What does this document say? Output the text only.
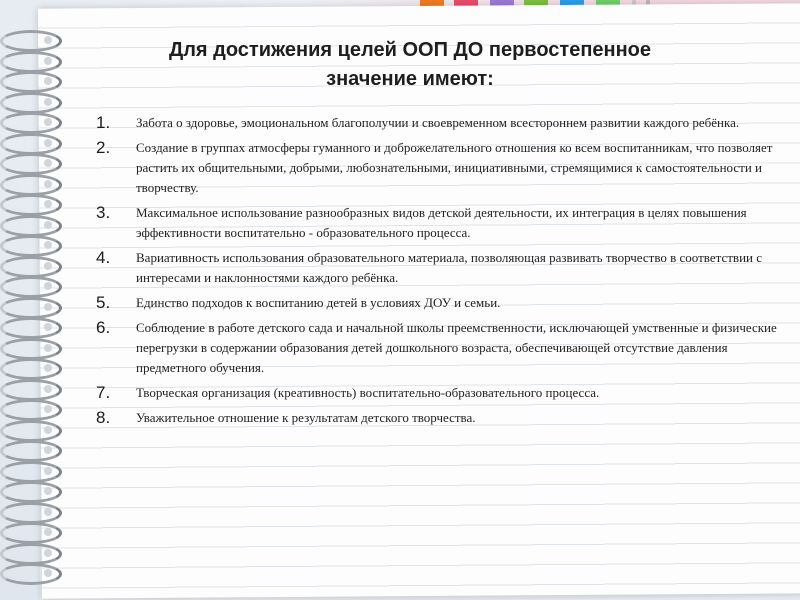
Для достижения целей ООП ДО первостепенное
значение имеют:
1.	Забота о здоровье, эмоциональном благополучии и своевременном всестороннем развитии каждого ребёнка.
2.	Создание в группах атмосферы гуманного и доброжелательного отношения ко всем воспитанникам, что позволяет растить их общительными, добрыми, любознательными, инициативными, стремящимися к самостоятельности и творчеству.
3.	Максимальное использование разнообразных видов детской деятельности, их интеграция в целях повышения эффективности воспитательно - образовательного процесса.
4.	Вариативность использования образовательного материала, позволяющая развивать творчество в соответствии с интересами и наклонностями каждого ребёнка.
5.	Единство подходов к воспитанию детей в условиях ДОУ и семьи.
6.	Соблюдение в работе детского сада и начальной школы преемственности, исключающей умственные и физические перегрузки в содержании образования детей дошкольного возраста, обеспечивающей отсутствие давления предметного обучения.
7.	Творческая организация (креативность) воспитательно-образовательного процесса.
8.	Уважительное отношение к результатам детского творчества.
